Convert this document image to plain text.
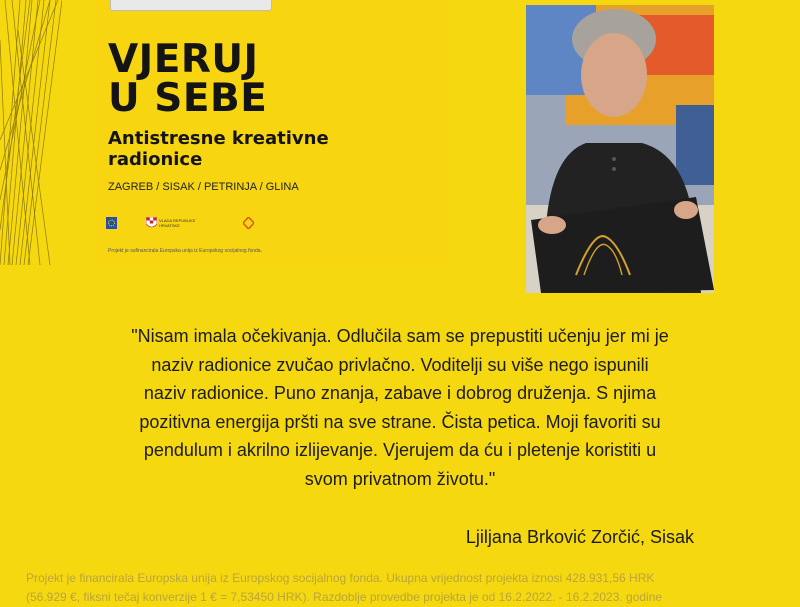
VJERUJ
U SEBE
Antistresne kreativne
radionice
ZAGREB / SISAK / PETRINJA / GLINA
VLADA REPUBLIKE HRVATSKE
Projekt je sufinancirala Europska unija iz Europskog socijalnog fonda.

"Nisam imala očekivanja. Odlučila sam se prepustiti učenju jer mi je
naziv radionice zvučao privlačno. Voditelji su više nego ispunili
naziv radionice. Puno znanja, zabave i dobrog druženja. S njima
pozitivna energija pršti na sve strane. Čista petica. Moji favoriti su
pendulum i akrilno izlijevanje. Vjerujem da ću i pletenje koristiti u
svom privatnom životu."

Ljiljana Brković Zorčić, Sisak

Projekt je financirala Europska unija iz Europskog socijalnog fonda. Ukupna vrijednost projekta iznosi 428.931,56 HRK
(56.929 €, fiksni tečaj konverzije 1 € = 7,53450 HRK). Razdoblje provedbe projekta je od 16.2.2022. - 16.2.2023. godine
